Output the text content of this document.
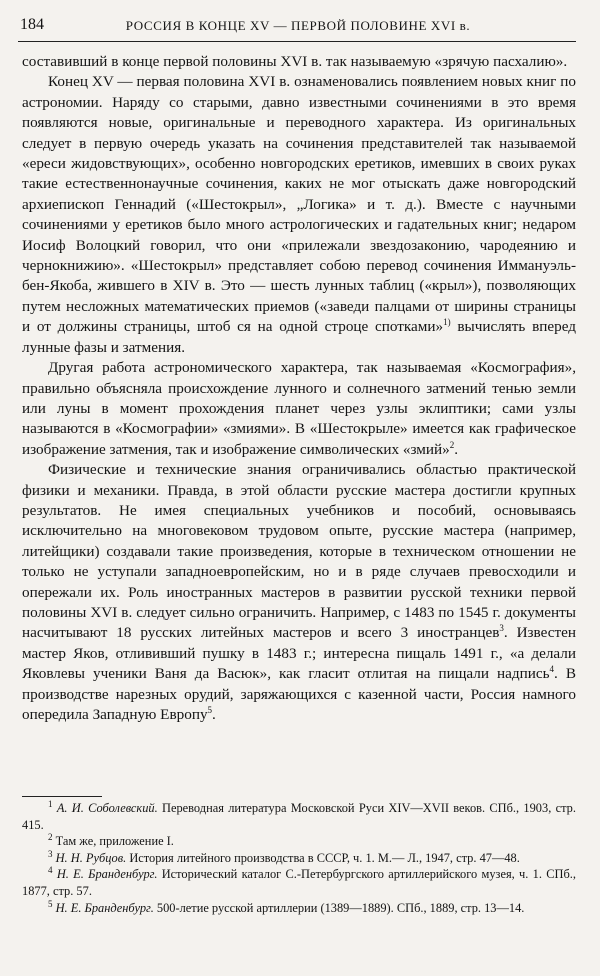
184	РОССИЯ В КОНЦЕ XV — ПЕРВОЙ ПОЛОВИНЕ XVI в.

составивший в конце первой половины XVI в. так называемую «зрячую пасхалию».

Конец XV — первая половина XVI в. ознаменовались появлением новых книг по астрономии. Наряду со старыми, давно известными сочинениями в это время появляются новые, оригинальные и переводного характера. Из оригинальных следует в первую очередь указать на сочинения представителей так называемой «ереси жидовствующих», особенно новгородских еретиков, имевших в своих руках такие естественнонаучные сочинения, каких не мог отыскать даже новгородский архиепископ Геннадий («Шестокрыл», „Логика» и т. д.). Вместе с научными сочинениями у еретиков было много астрологических и гадательных книг; недаром Иосиф Волоцкий говорил, что они «прилежали звездозаконию, чародеянию и чернокнижию». «Шестокрыл» представляет собою перевод сочинения Иммануэль-бен-Якоба, жившего в XIV в. Это — шесть лунных таблиц («крыл»), позволяющих путем несложных математических приемов («заведи палцами от ширины страницы и от должины страницы, штоб ся на одной строце спотками»$^{1)}$ вычислять вперед лунные фазы и затмения.

Другая работа астрономического характера, так называемая «Космография», правильно объясняла происхождение лунного и солнечного затмений тенью земли или луны в момент прохождения планет через узлы эклиптики; сами узлы называются в «Космографии» «змиями». В «Шестокрыле» имеется как графическое изображение затмения, так и изображение символических «змий»$^2$.

Физические и технические знания ограничивались областью практической физики и механики. Правда, в этой области русские мастера достигли крупных результатов. Не имея специальных учебников и пособий, основываясь исключительно на многовековом трудовом опыте, русские мастера (например, литейщики) создавали такие произведения, которые в техническом отношении не только не уступали западноевропейским, но и в ряде случаев превосходили и опережали их. Роль иностранных мастеров в развитии русской техники первой половины XVI в. следует сильно ограничить. Например, с 1483 по 1545 г. документы насчитывают 18 русских литейных мастеров и всего 3 иностранцев$^3$. Известен мастер Яков, отлививший пушку в 1483 г.; интересна пищаль 1491 г., «а делали Яковлевы ученики Ваня да Васюк», как гласит отлитая на пищали надпись$^4$. В производстве нарезных орудий, заряжающихся с казенной части, Россия намного опередила Западную Европу$^5$.

$^1$ А. И. Соболевский. Переводная литература Московской Руси XIV—XVII веков. СПб., 1903, стр. 415.

$^2$ Там же, приложение I.

$^3$ Н. Н. Рубцов. История литейного производства в СССР, ч. 1. М.— Л., 1947, стр. 47—48.

$^4$ Н. Е. Бранденбург. Исторический каталог С.-Петербургского артиллерийского музея, ч. 1. СПб., 1877, стр. 57.

$^5$ Н. Е. Бранденбург. 500-летие русской артиллерии (1389—1889). СПб., 1889, стр. 13—14.
